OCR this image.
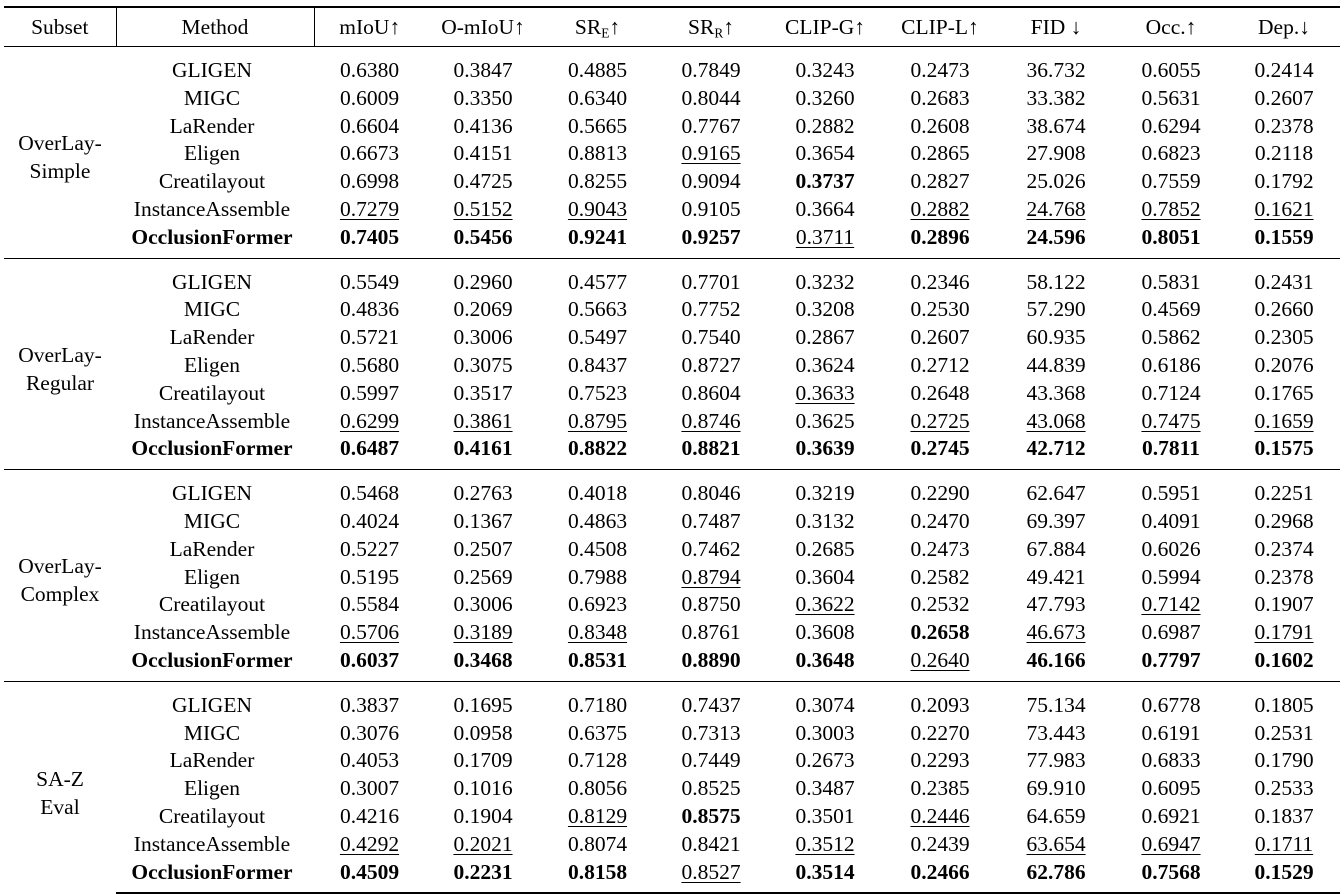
Subset	Method	mIoU↑	O-mIoU↑	$SR_E↑$	$SR_R↑$	CLIP-G↑	CLIP-L↑	FID ↓	Occ.↑	Dep.↓

OverLay-
Simple	GLIGEN	0.6380	0.3847	0.4885	0.7849	0.3243	0.2473	36.732	0.6055	0.2414
	MIGC	0.6009	0.3350	0.6340	0.8044	0.3260	0.2683	33.382	0.5631	0.2607
	LaRender	0.6604	0.4136	0.5665	0.7767	0.2882	0.2608	38.674	0.6294	0.2378
	Eligen	0.6673	0.4151	0.8813	0.9165	0.3654	0.2865	27.908	0.6823	0.2118
	Creatilayout	0.6998	0.4725	0.8255	0.9094	0.3737	0.2827	25.026	0.7559	0.1792
	InstanceAssemble	0.7279	0.5152	0.9043	0.9105	0.3664	0.2882	24.768	0.7852	0.1621
	OcclusionFormer	0.7405	0.5456	0.9241	0.9257	0.3711	0.2896	24.596	0.8051	0.1559

OverLay-
Regular	GLIGEN	0.5549	0.2960	0.4577	0.7701	0.3232	0.2346	58.122	0.5831	0.2431
	MIGC	0.4836	0.2069	0.5663	0.7752	0.3208	0.2530	57.290	0.4569	0.2660
	LaRender	0.5721	0.3006	0.5497	0.7540	0.2867	0.2607	60.935	0.5862	0.2305
	Eligen	0.5680	0.3075	0.8437	0.8727	0.3624	0.2712	44.839	0.6186	0.2076
	Creatilayout	0.5997	0.3517	0.7523	0.8604	0.3633	0.2648	43.368	0.7124	0.1765
	InstanceAssemble	0.6299	0.3861	0.8795	0.8746	0.3625	0.2725	43.068	0.7475	0.1659
	OcclusionFormer	0.6487	0.4161	0.8822	0.8821	0.3639	0.2745	42.712	0.7811	0.1575

OverLay-
Complex	GLIGEN	0.5468	0.2763	0.4018	0.8046	0.3219	0.2290	62.647	0.5951	0.2251
	MIGC	0.4024	0.1367	0.4863	0.7487	0.3132	0.2470	69.397	0.4091	0.2968
	LaRender	0.5227	0.2507	0.4508	0.7462	0.2685	0.2473	67.884	0.6026	0.2374
	Eligen	0.5195	0.2569	0.7988	0.8794	0.3604	0.2582	49.421	0.5994	0.2378
	Creatilayout	0.5584	0.3006	0.6923	0.8750	0.3622	0.2532	47.793	0.7142	0.1907
	InstanceAssemble	0.5706	0.3189	0.8348	0.8761	0.3608	0.2658	46.673	0.6987	0.1791
	OcclusionFormer	0.6037	0.3468	0.8531	0.8890	0.3648	0.2640	46.166	0.7797	0.1602

SA-Z
Eval	GLIGEN	0.3837	0.1695	0.7180	0.7437	0.3074	0.2093	75.134	0.6778	0.1805
	MIGC	0.3076	0.0958	0.6375	0.7313	0.3003	0.2270	73.443	0.6191	0.2531
	LaRender	0.4053	0.1709	0.7128	0.7449	0.2673	0.2293	77.983	0.6833	0.1790
	Eligen	0.3007	0.1016	0.8056	0.8525	0.3487	0.2385	69.910	0.6095	0.2533
	Creatilayout	0.4216	0.1904	0.8129	0.8575	0.3501	0.2446	64.659	0.6921	0.1837
	InstanceAssemble	0.4292	0.2021	0.8074	0.8421	0.3512	0.2439	63.654	0.6947	0.1711
	OcclusionFormer	0.4509	0.2231	0.8158	0.8527	0.3514	0.2466	62.786	0.7568	0.1529
